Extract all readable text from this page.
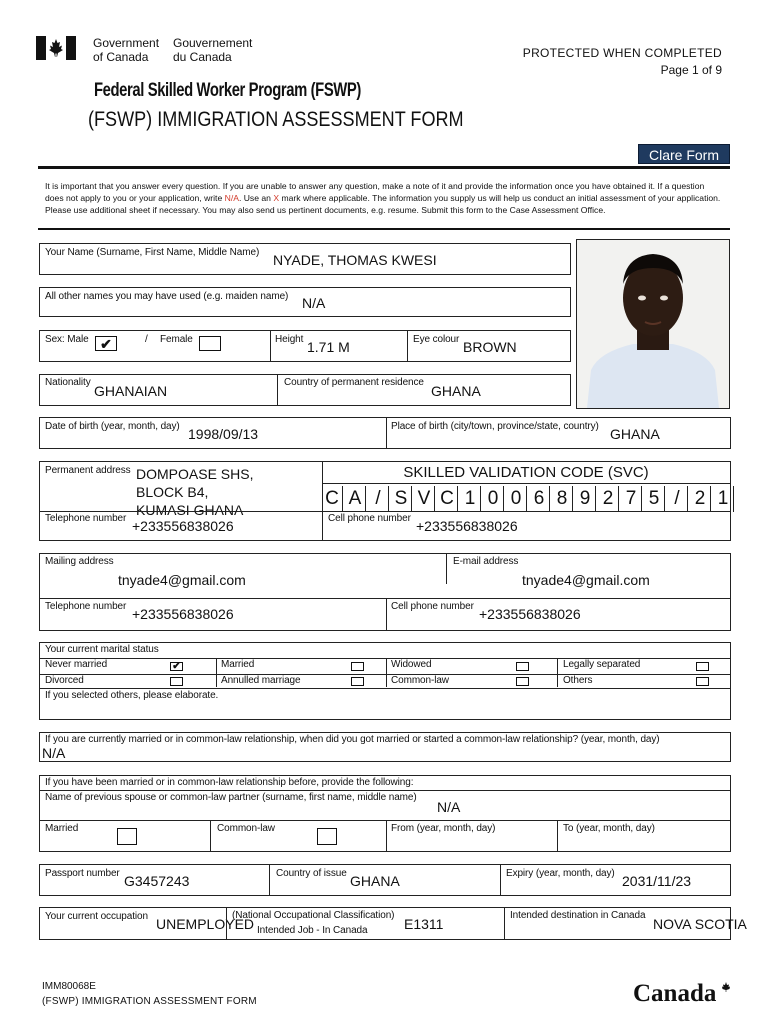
Government
of Canada
Gouvernement
du Canada	PROTECTED WHEN COMPLETED
Page 1 of 9
Federal Skilled Worker Program (FSWP)
(FSWP) IMMIGRATION ASSESSMENT FORM
Clare Form
It is important that you answer every question. If you are unable to answer any question, make a note of it and provide the information once you have obtained it. If a question does not apply to you or your application, write N/A. Use an X mark where applicable. The information you supply us will help us conduct an initial assessment of your application. Please use additional sheet if necessary. You may also send us pertinent documents, e.g. resume. Submit this form to the Case Assessment Office.
Your Name (Surname, First Name, Middle Name) NYADE, THOMAS KWESI
All other names you may have used (e.g. maiden name) N/A
Sex: Male ✔	/ Female	Height 1.71 M	Eye colour BROWN
Nationality
GHANAIAN
Country of permanent residence
GHANA
Date of birth (year, month, day) 1998/09/13	Place of birth (city/town, province/state, country) GHANA
Permanent address DOMPOASE SHS,
BLOCK B4,
KUMASI GHANA
SKILLED VALIDATION CODE (SVC)
C A / S V C 1 0 0 6 8 9 2 7 5 / 2 1
Telephone number +233556838026	Cell phone number +233556838026
Mailing address
tnyade4@gmail.com
E-mail address
tnyade4@gmail.com
Telephone number +233556838026	Cell phone number +233556838026
Your current marital status
Never married	✔	Married	Widowed	Legally separated
Divorced	Annulled marriage	Common-law	Others
If you selected others, please elaborate.
If you are currently married or in common-law relationship, when did you got married or started a common-law relationship? (year, month, day)
N/A
If you have been married or in common-law relationship before, provide the following:
Name of previous spouse or common-law partner (surname, first name, middle name)
N/A
Married	Common-law	From (year, month, day)	To (year, month, day)
Passport number G3457243	Country of issue GHANA	Expiry (year, month, day) 2031/11/23
Your current occupation UNEMPLOYED
(National Occupational Classification)
Intended Job - In Canada	E1311
Intended destination in Canada
NOVA SCOTIA
IMM80068E
(FSWP) IMMIGRATION ASSESSMENT FORM	Canada
